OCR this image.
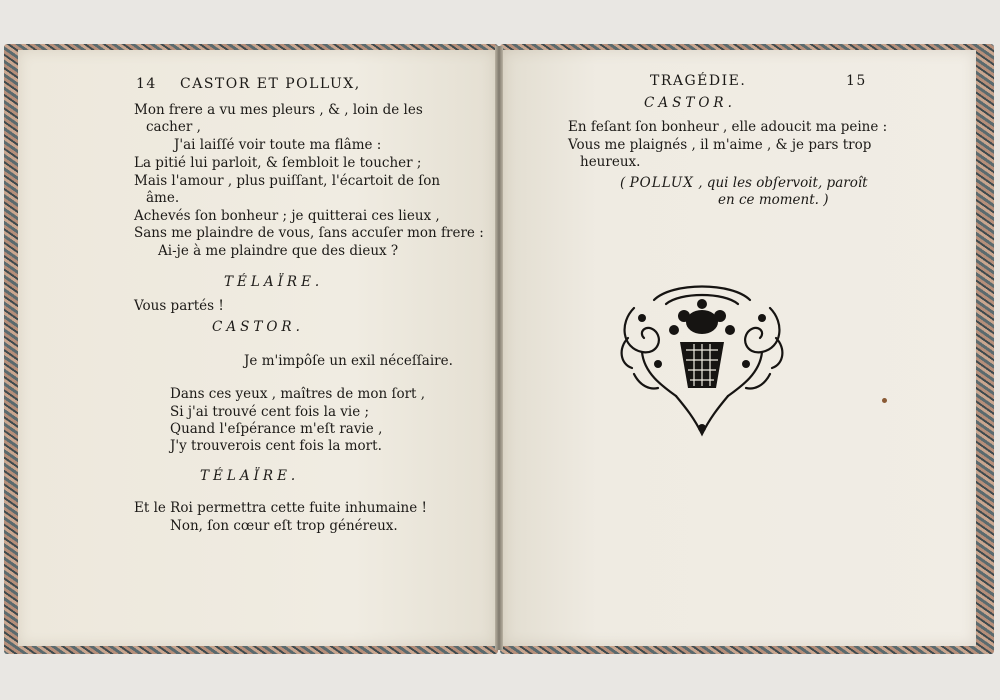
14 CASTOR ET POLLUX,
Mon frere a vu mes pleurs , & , loin de les
cacher ,
J'ai laiſſé voir toute ma flâme :
La pitié lui parloit, & ſembloit le toucher ;
Mais l'amour , plus puiſſant, l'écartoit de ſon
âme.
Achevés ſon bonheur ; je quitterai ces lieux ,
Sans me plaindre de vous, ſans accuſer mon frere :
Ai-je à me plaindre que des dieux ?
TÉLAÏRE.
Vous partés !
CASTOR.
Je m'impôſe un exil néceſſaire.
Dans ces yeux , maîtres de mon ſort ,
Si j'ai trouvé cent fois la vie ;
Quand l'eſpérance m'eſt ravie ,
J'y trouverois cent fois la mort.
TÉLAÏRE.
Et le Roi permettra cette fuite inhumaine !
Non, ſon cœur eſt trop généreux.
TRAGÉDIE.	15
CASTOR.
En feſant ſon bonheur , elle adoucit ma peine :
Vous me plaignés , il m'aime , & je pars trop
heureux.
( POLLUX , qui les obſervoit, paroît
en ce moment. )
